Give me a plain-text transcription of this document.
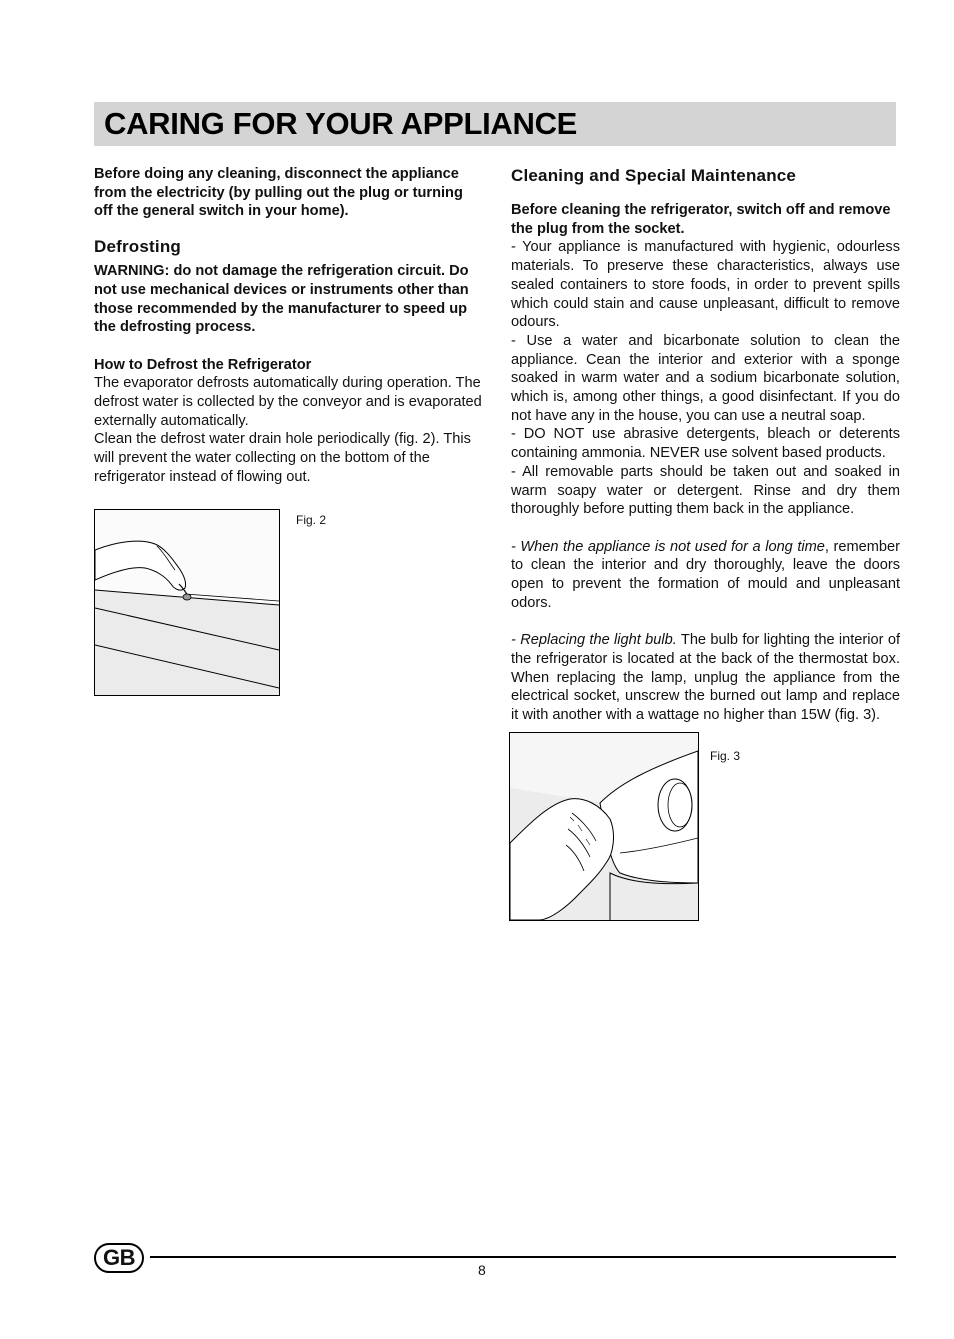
CARING FOR YOUR APPLIANCE

Before doing any cleaning, disconnect the appliance from the electricity (by pulling out the plug or turning off the general switch in your home).

Defrosting

WARNING: do not damage the refrigeration circuit. Do not use mechanical devices or instruments other than those recommended by the manufacturer to speed up the defrosting process.

How to Defrost the Refrigerator

The evaporator defrosts automatically during operation. The defrost water is collected by the conveyor and is evaporated externally automatically.

Clean the defrost water drain hole periodically (fig. 2). This will prevent the water collecting on the bottom of the refrigerator instead of flowing out.

Fig. 2
Cleaning and Special Maintenance

Before cleaning the refrigerator, switch off and remove the plug from the socket.

- Your appliance is manufactured with hygienic, odourless materials. To preserve these characteristics, always use sealed containers to store foods, in order to prevent spills which could stain and cause unpleasant, difficult to remove odours.

- Use a water and bicarbonate solution to clean the appliance. Cean the interior and exterior with a sponge soaked in warm water and a sodium bicarbonate solution, which is, among other things, a good disinfectant. If you do not have any in the house, you can use a neutral soap.

- DO NOT use abrasive detergents, bleach or deterents containing ammonia. NEVER use solvent based products.

- All removable parts should be taken out and soaked in warm soapy water or detergent. Rinse and dry them thoroughly before putting them back in the appliance.

- When the appliance is not used for a long time, remember to clean the interior and dry thoroughly, leave the doors open to prevent the formation of mould and unpleasant odors.

- Replacing the light bulb. The bulb for lighting the interior of the refrigerator is located at the back of the thermostat box. When replacing the lamp, unplug the appliance from the electrical socket, unscrew the burned out lamp and replace it with another with a wattage no higher than 15W (fig. 3).

Fig. 3
GB	8
